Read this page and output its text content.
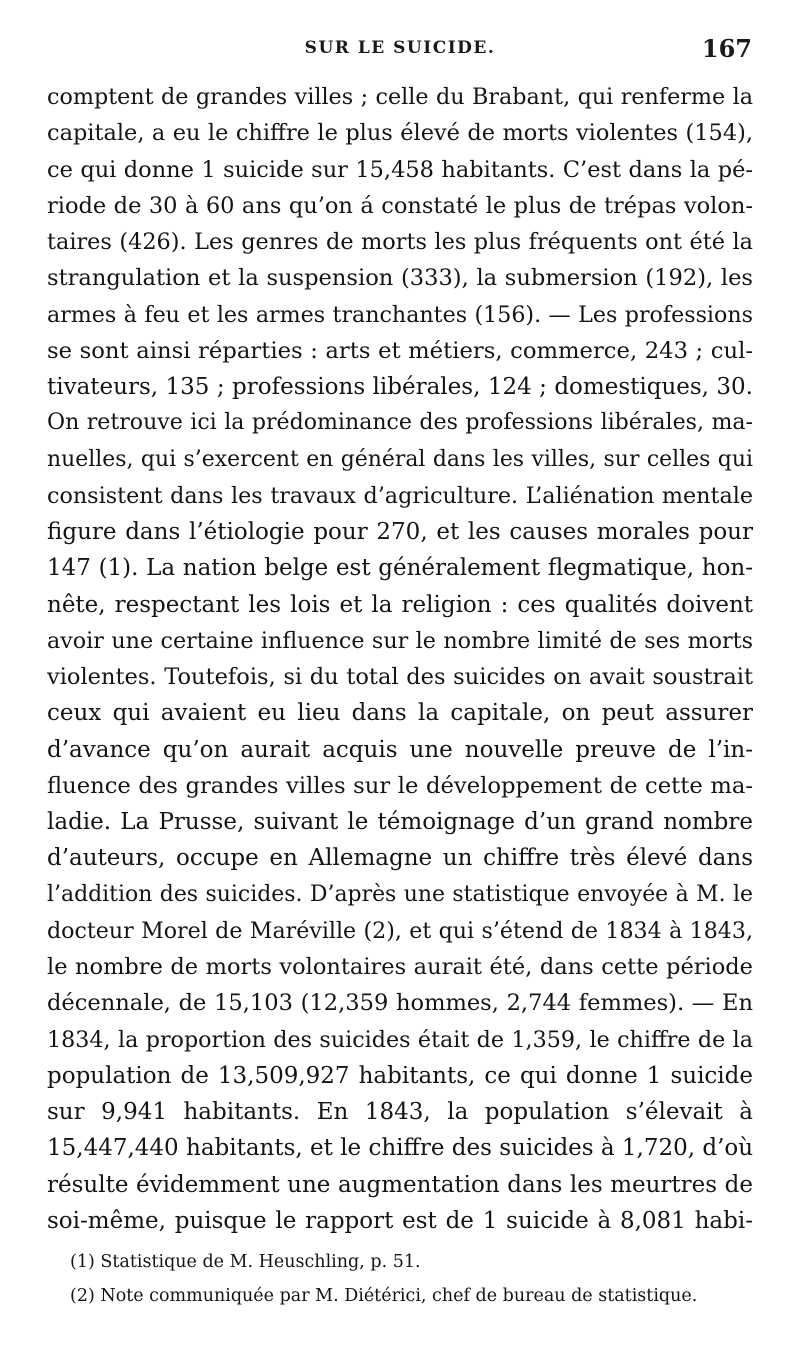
SUR LE SUICIDE.	167
comptent de grandes villes ; celle du Brabant, qui renferme la
capitale, a eu le chiffre le plus élevé de morts violentes (154),
ce qui donne 1 suicide sur 15,458 habitants. C’est dans la pé-
riode de 30 à 60 ans qu’on á constaté le plus de trépas volon-
taires (426). Les genres de morts les plus fréquents ont été la
strangulation et la suspension (333), la submersion (192), les
armes à feu et les armes tranchantes (156). — Les professions
se sont ainsi réparties : arts et métiers, commerce, 243 ; cul-
tivateurs, 135 ; professions libérales, 124 ; domestiques, 30.
On retrouve ici la prédominance des professions libérales, ma-
nuelles, qui s’exercent en général dans les villes, sur celles qui
consistent dans les travaux d’agriculture. L’aliénation mentale
figure dans l’étiologie pour 270, et les causes morales pour
147 (1). La nation belge est généralement flegmatique, hon-
nête, respectant les lois et la religion : ces qualités doivent
avoir une certaine influence sur le nombre limité de ses morts
violentes. Toutefois, si du total des suicides on avait soustrait
ceux qui avaient eu lieu dans la capitale, on peut assurer
d’avance qu’on aurait acquis une nouvelle preuve de l’in-
fluence des grandes villes sur le développement de cette ma-
ladie. La Prusse, suivant le témoignage d’un grand nombre
d’auteurs, occupe en Allemagne un chiffre très élevé dans
l’addition des suicides. D’après une statistique envoyée à M. le
docteur Morel de Maréville (2), et qui s’étend de 1834 à 1843,
le nombre de morts volontaires aurait été, dans cette période
décennale, de 15,103 (12,359 hommes, 2,744 femmes). — En
1834, la proportion des suicides était de 1,359, le chiffre de la
population de 13,509,927 habitants, ce qui donne 1 suicide
sur 9,941 habitants. En 1843, la population s’élevait à
15,447,440 habitants, et le chiffre des suicides à 1,720, d’où
résulte évidemment une augmentation dans les meurtres de
soi-même, puisque le rapport est de 1 suicide à 8,081 habi-
(1) Statistique de M. Heuschling, p. 51.
(2) Note communiquée par M. Diétérici, chef de bureau de statistique.
